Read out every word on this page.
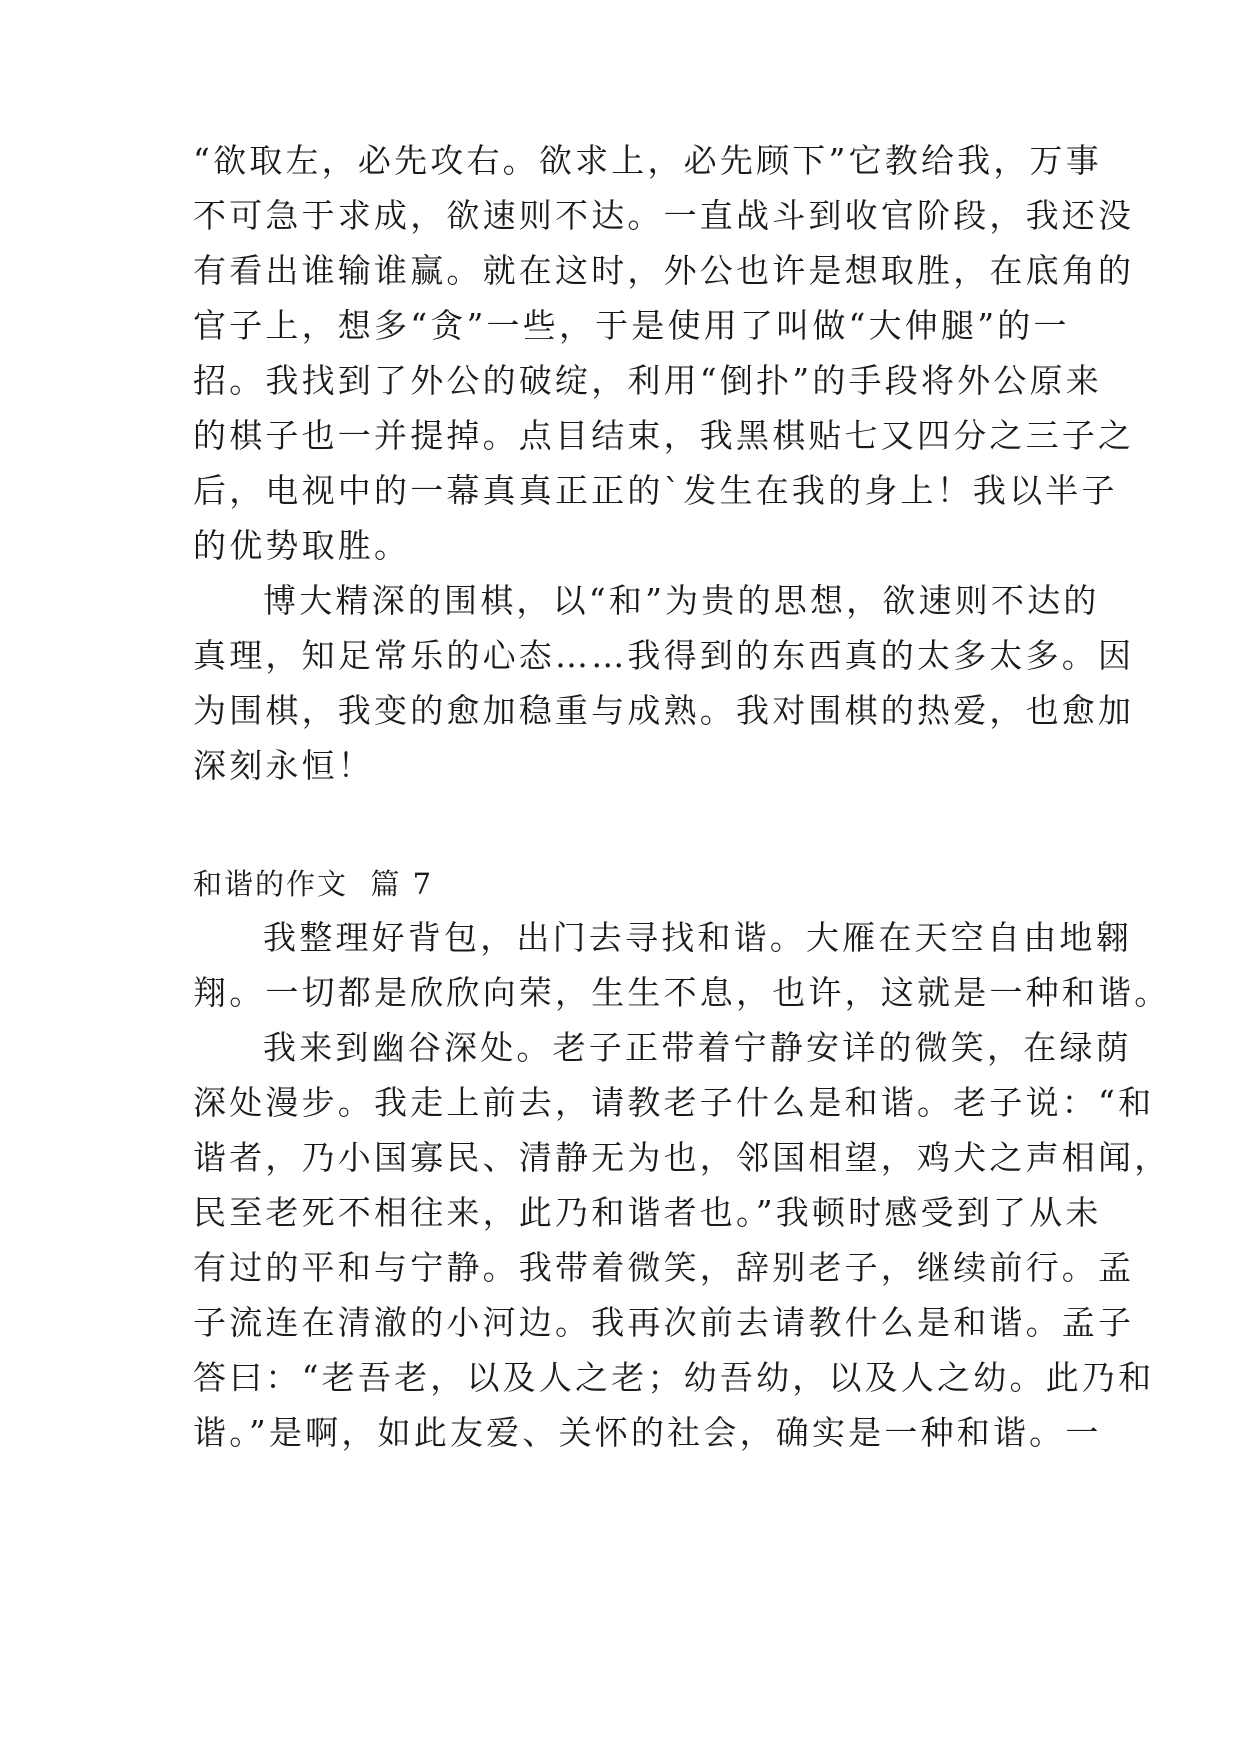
“欲取左，必先攻右。欲求上，必先顾下”它教给我，万事
不可急于求成，欲速则不达。一直战斗到收官阶段，我还没
有看出谁输谁赢。就在这时，外公也许是想取胜，在底角的
官子上，想多“贪”一些，于是使用了叫做“大伸腿”的一
招。我找到了外公的破绽，利用“倒扑”的手段将外公原来
的棋子也一并提掉。点目结束，我黑棋贴七又四分之三子之
后，电视中的一幕真真正正的`发生在我的身上！我以半子
的优势取胜。
博大精深的围棋，以“和”为贵的思想，欲速则不达的
真理，知足常乐的心态……我得到的东西真的太多太多。因
为围棋，我变的愈加稳重与成熟。我对围棋的热爱，也愈加
深刻永恒！
和谐的作文  篇 7
我整理好背包，出门去寻找和谐。大雁在天空自由地翱
翔。一切都是欣欣向荣，生生不息，也许，这就是一种和谐。
我来到幽谷深处。老子正带着宁静安详的微笑，在绿荫
深处漫步。我走上前去，请教老子什么是和谐。老子说：“和
谐者，乃小国寡民、清静无为也，邻国相望，鸡犬之声相闻，
民至老死不相往来，此乃和谐者也。”我顿时感受到了从未
有过的平和与宁静。我带着微笑，辞别老子，继续前行。孟
子流连在清澈的小河边。我再次前去请教什么是和谐。孟子
答曰：“老吾老，以及人之老；幼吾幼，以及人之幼。此乃和
谐。”是啊，如此友爱、关怀的社会，确实是一种和谐。一
